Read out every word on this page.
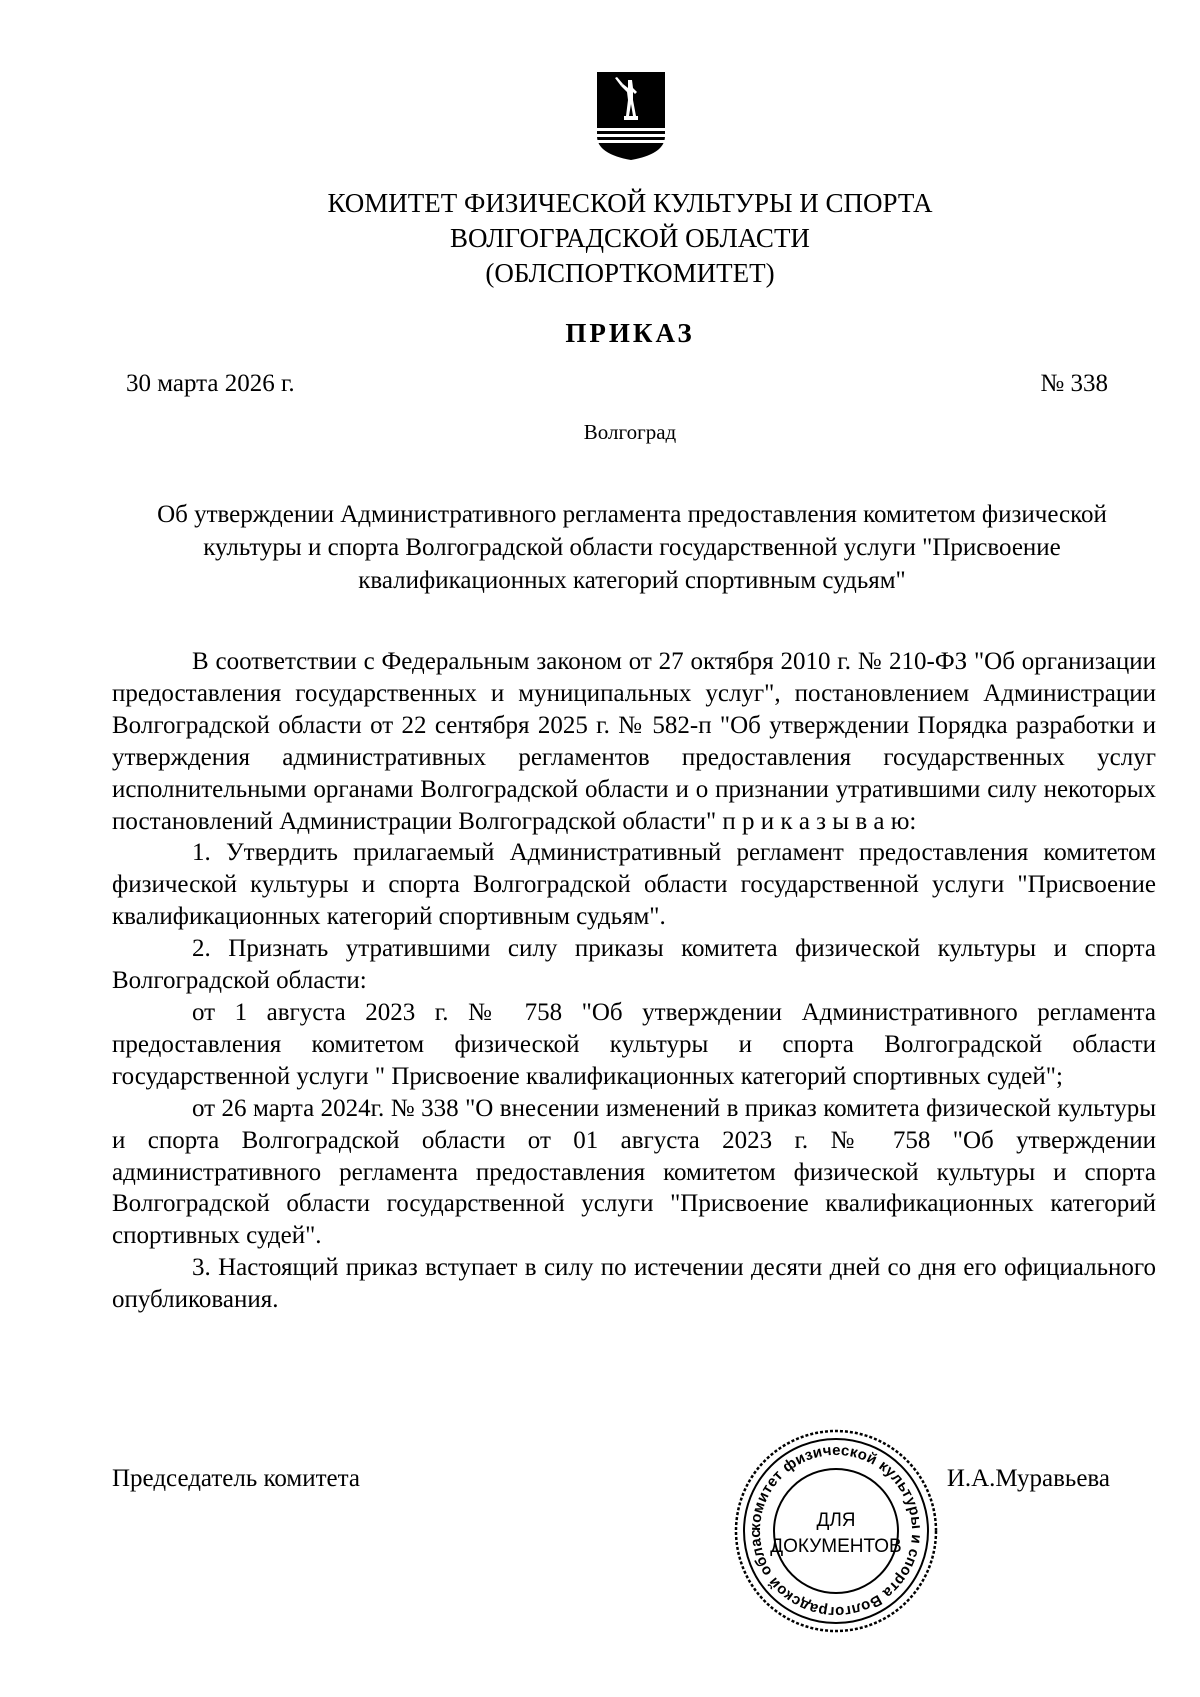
КОМИТЕТ ФИЗИЧЕСКОЙ КУЛЬТУРЫ И СПОРТА
ВОЛГОГРАДСКОЙ ОБЛАСТИ
(ОБЛСПОРТКОМИТЕТ)
ПРИКАЗ
30 марта 2026 г.	№ 338
Волгоград
Об утверждении Административного регламента предоставления комитетом физической культуры и спорта Волгоградской области государственной услуги "Присвоение квалификационных категорий спортивным судьям"

В соответствии с Федеральным законом от 27 октября 2010 г. № 210-ФЗ "Об организации предоставления государственных и муниципальных услуг", постановлением Администрации Волгоградской области от 22 сентября 2025 г. № 582-п "Об утверждении Порядка разработки и утверждения административных регламентов предоставления государственных услуг исполнительными органами Волгоградской области и о признании утратившими силу некоторых постановлений Администрации Волгоградской области" п р и к а з ы в а ю:

1. Утвердить прилагаемый Административный регламент предоставления комитетом физической культуры и спорта Волгоградской области государственной услуги "Присвоение квалификационных категорий спортивным судьям".

2. Признать утратившими силу приказы комитета физической культуры и спорта Волгоградской области:

от 1 августа 2023 г. № 758 "Об утверждении Административного регламента предоставления комитетом физической культуры и спорта Волгоградской области государственной услуги " Присвоение квалификационных категорий спортивных судей";

от 26 марта 2024г. № 338 "О внесении изменений в приказ комитета физической культуры и спорта Волгоградской области от 01 августа 2023 г. № 758 "Об утверждении административного регламента предоставления комитетом физической культуры и спорта Волгоградской области государственной услуги "Присвоение квалификационных категорий спортивных судей".

3. Настоящий приказ вступает в силу по истечении десяти дней со дня его официального опубликования.

Председатель комитета	И.А.Муравьева
комитет физической культуры и спорта Волгоградской облас
ДЛЯ
ДОКУМЕНТОВ
